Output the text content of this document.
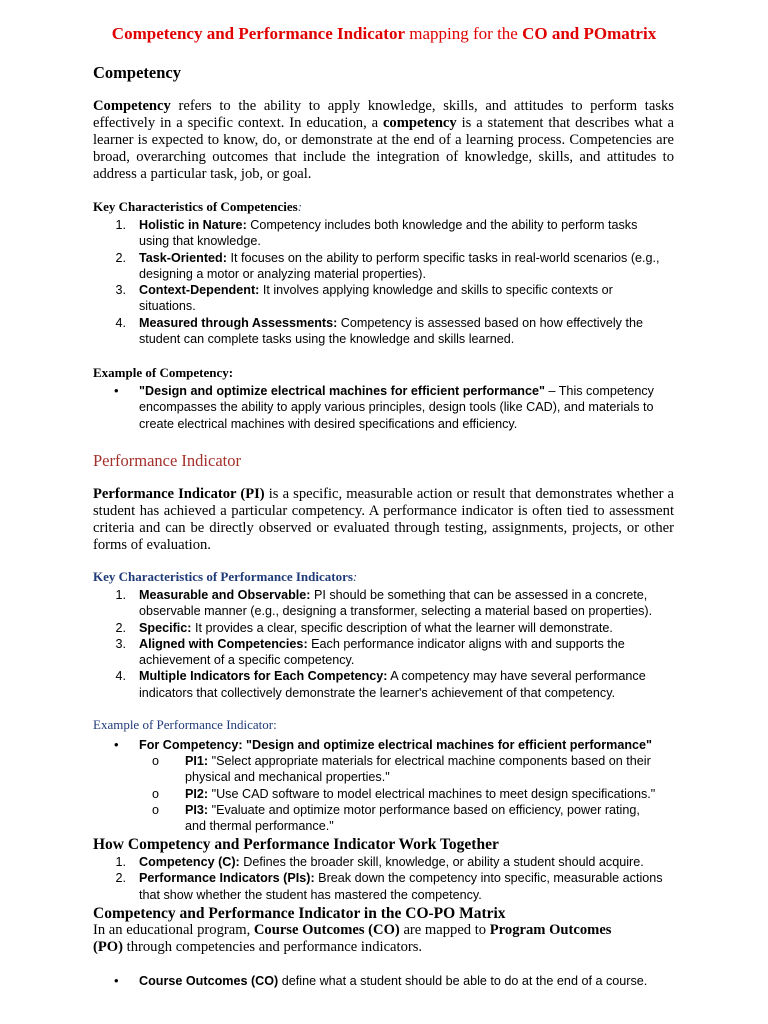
Competency and Performance Indicator mapping for the CO and POmatrix
Competency
Competency refers to the ability to apply knowledge, skills, and attitudes to perform tasks effectively in a specific context. In education, a competency is a statement that describes what a learner is expected to know, do, or demonstrate at the end of a learning process. Competencies are broad, overarching outcomes that include the integration of knowledge, skills, and attitudes to address a particular task, job, or goal.
Key Characteristics of Competencies:
1. Holistic in Nature: Competency includes both knowledge and the ability to perform tasks
using that knowledge.
2. Task-Oriented: It focuses on the ability to perform specific tasks in real-world scenarios (e.g.,
designing a motor or analyzing material properties).
3. Context-Dependent: It involves applying knowledge and skills to specific contexts or
situations.
4. Measured through Assessments: Competency is assessed based on how effectively the
student can complete tasks using the knowledge and skills learned.
Example of Competency:
• "Design and optimize electrical machines for efficient performance" – This competency
encompasses the ability to apply various principles, design tools (like CAD), and materials to
create electrical machines with desired specifications and efficiency.
Performance Indicator
Performance Indicator (PI) is a specific, measurable action or result that demonstrates whether a student has achieved a particular competency. A performance indicator is often tied to assessment criteria and can be directly observed or evaluated through testing, assignments, projects, or other forms of evaluation.
Key Characteristics of Performance Indicators:
1. Measurable and Observable: PI should be something that can be assessed in a concrete,
observable manner (e.g., designing a transformer, selecting a material based on properties).
2. Specific: It provides a clear, specific description of what the learner will demonstrate.
3. Aligned with Competencies: Each performance indicator aligns with and supports the
achievement of a specific competency.
4. Multiple Indicators for Each Competency: A competency may have several performance
indicators that collectively demonstrate the learner's achievement of that competency.
Example of Performance Indicator:
• For Competency: "Design and optimize electrical machines for efficient performance"
o	PI1: "Select appropriate materials for electrical machine components based on their
physical and mechanical properties."
o	PI2: "Use CAD software to model electrical machines to meet design specifications."
o	PI3: "Evaluate and optimize motor performance based on efficiency, power rating,
and thermal performance."
How Competency and Performance Indicator Work Together
1. Competency (C): Defines the broader skill, knowledge, or ability a student should acquire.
2. Performance Indicators (PIs): Break down the competency into specific, measurable actions
that show whether the student has mastered the competency.
Competency and Performance Indicator in the CO-PO Matrix
In an educational program, Course Outcomes (CO) are mapped to Program Outcomes
(PO) through competencies and performance indicators.
• Course Outcomes (CO) define what a student should be able to do at the end of a course.
